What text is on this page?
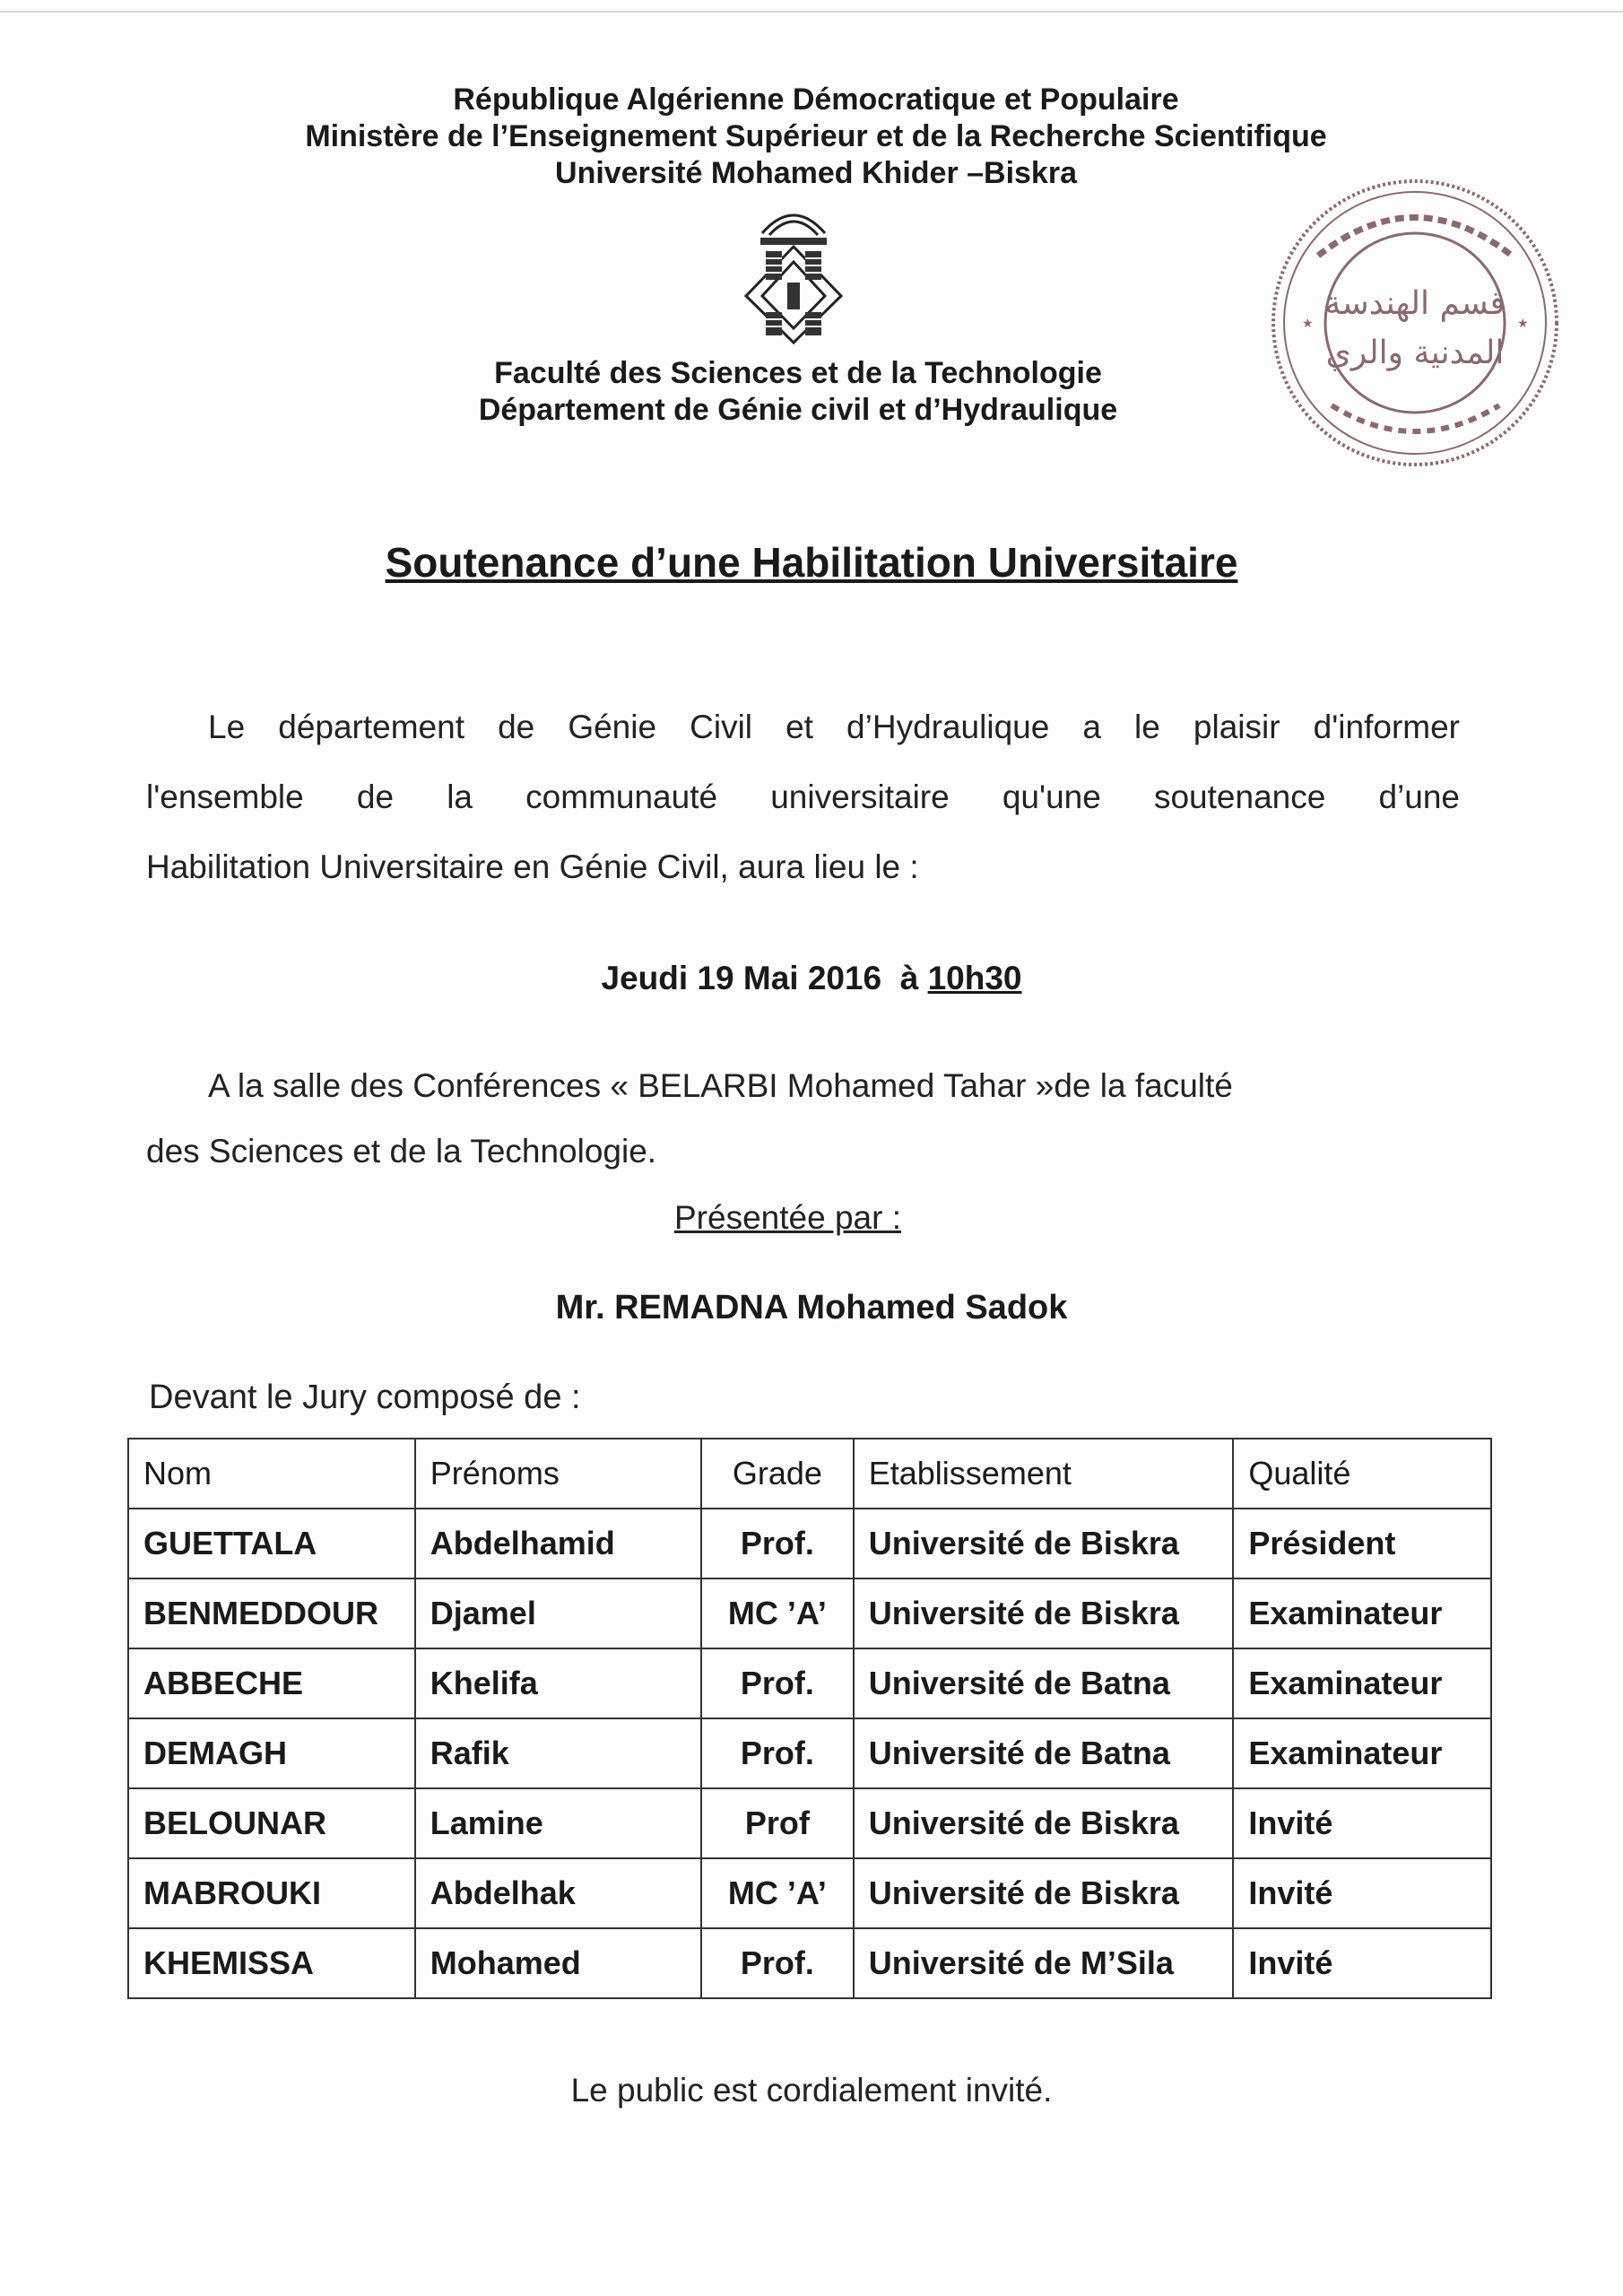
République Algérienne Démocratique et Populaire
Ministère de l’Enseignement Supérieur et de la Recherche Scientifique
Université Mohamed Khider –Biskra
★	★
قسم الهندسة
المدنية والري
Faculté des Sciences et de la Technologie
Département de Génie civil et d’Hydraulique
Soutenance d’une Habilitation Universitaire
Le département de Génie Civil et d’Hydraulique a le plaisir d'informer
l'ensemble de la communauté universitaire qu'une soutenance d’une
Habilitation Universitaire en Génie Civil, aura lieu le :
Jeudi 19 Mai 2016 à 10h30
A la salle des Conférences « BELARBI Mohamed Tahar »de la faculté
des Sciences et de la Technologie.
Présentée par :
Mr. REMADNA Mohamed Sadok
Devant le Jury composé de :
Nom	Prénoms	Grade	Etablissement	Qualité
GUETTALA	Abdelhamid	Prof.	Université de Biskra	Président
BENMEDDOUR	Djamel	MC ’A’	Université de Biskra	Examinateur
ABBECHE	Khelifa	Prof.	Université de Batna	Examinateur
DEMAGH	Rafik	Prof.	Université de Batna	Examinateur
BELOUNAR	Lamine	Prof	Université de Biskra	Invité
MABROUKI	Abdelhak	MC ’A’	Université de Biskra	Invité
KHEMISSA	Mohamed	Prof.	Université de M’Sila	Invité
Le public est cordialement invité.
